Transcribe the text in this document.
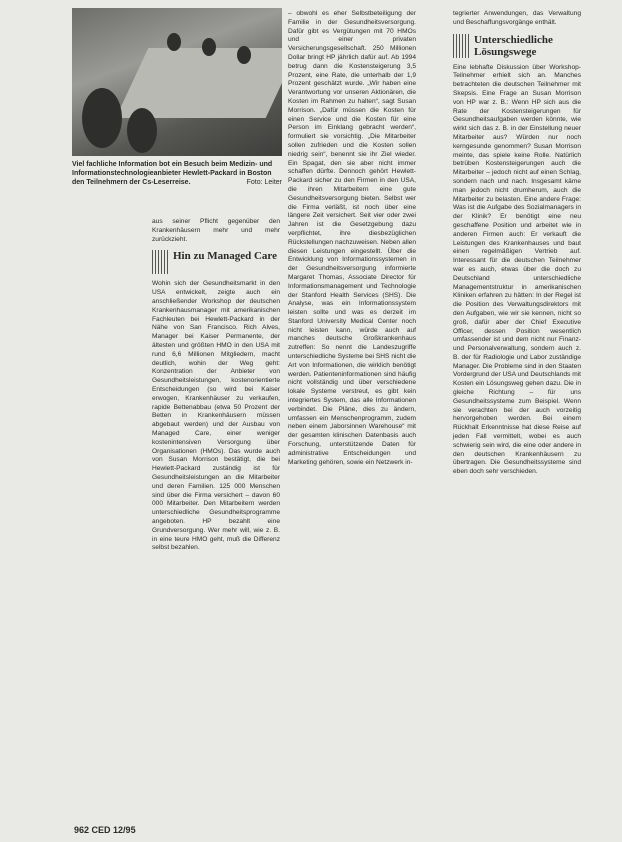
Viel fachliche Information bot ein Besuch beim Medizin- und Informationstechnologieanbieter Hewlett-Packard in Boston den Teilnehmern der Cs-Leserreise.	Foto: Leiter

aus seiner Pflicht gegenüber den Krankenhäusern mehr und mehr zurückzieht.

Hin zu Managed Care

Wohin sich der Gesundheitsmarkt in den USA entwickelt, zeigte auch ein anschließender Workshop der deutschen Krankenhausmanager mit amerikanischen Fachleuten bei Hewlett-Packard in der Nähe von San Francisco. Rich Alves, Manager bei Kaiser Permanente, der ältesten und größten HMO in den USA mit rund 6,6 Millionen Mitgliedern, macht deutlich, wohin der Weg geht: Konzentration der Anbieter von Gesundheitsleistungen, kostenorientierte Entscheidungen (so wird bei Kaiser erwogen, Krankenhäuser zu verkaufen, rapide Bettenabbau (etwa 50 Prozent der Betten in Krankenhäusern müssen abgebaut werden) und der Ausbau von Managed Care, einer weniger kostenintensiven Versorgung über Organisationen (HMOs). Das wurde auch von Susan Morrison bestätigt, die bei Hewlett-Packard zuständig ist für Gesundheitsleistungen an die Mitarbeiter und deren Familien. 125 000 Menschen sind über die Firma versichert – davon 60 000 Mitarbeiter. Den Mitarbeitern werden unterschiedliche Gesundheitsprogramme angeboten. HP bezahlt eine Grundversorgung. Wer mehr will, wie z. B. in eine teure HMO geht, muß die Differenz selbst bezahlen.

– obwohl es eher Selbstbeteiligung der Familie in der Gesundheitsversorgung. Dafür gibt es Vergütungen mit 70 HMOs und einer privaten Versicherungsgesellschaft. 250 Millionen Dollar bringt HP jährlich dafür auf. Ab 1994 betrug dann die Kostensteigerung 3,5 Prozent, eine Rate, die unterhalb der 1,9 Prozent geschätzt wurde. „Wir haben eine Verantwortung vor unseren Aktionären, die Kosten im Rahmen zu halten“, sagt Susan Morrison. „Dafür müssen die Kosten für einen Service und die Kosten für eine Person im Einklang gebracht werden“, formuliert sie vorsichtig. „Die Mitarbeiter sollen zufrieden und die Kosten sollen niedrig sein“, benennt sie ihr Ziel wieder. Ein Spagat, den sie aber nicht immer schaffen dürfte. Dennoch gehört Hewlett-Packard sicher zu den Firmen in den USA, die ihren Mitarbeitern eine gute Gesundheitsversorgung bieten. Selbst wer die Firma verläßt, ist noch über eine längere Zeit versichert. Seit vier oder zwei Jahren ist die Gesetzgebung dazu verpflichtet, ihre diesbezüglichen Rückstellungen nachzuweisen. Neben allen diesen Leistungen eingestellt. Über die Entwicklung von Informationssystemen in der Gesundheitsversorgung informierte Margaret Thomas, Associate Director für Informationsmanagement und Technologie der Stanford Health Services (SHS). Die Analyse, was ein Informationssystem leisten sollte und was es derzeit im Stanford University Medical Center noch nicht leisten kann, würde auch auf manches deutsche Großkrankenhaus zutreffen: So nennt die Landeszugriffe unterschiedliche Systeme bei SHS nicht die Art von Informationen, die wirklich benötigt werden. Patienteninformationen sind häufig nicht vollständig und über verschiedene lokale Systeme verstreut, es gibt kein integriertes System, das alle Informationen verbindet. Die Pläne, dies zu ändern, umfassen ein Menschenprogramm, zudem neben einem „laborsinnen Warehouse“ mit der gesamten klinischen Datenbasis auch Forschung, unterstützende Daten für administrative Entscheidungen und Marketing gehören, sowie ein Netzwerk in-

tegrierter Anwendungen, das Verwaltung und Beschaffungsvorgänge enthält.

Unterschiedliche Lösungswege

Eine lebhafte Diskussion über Workshop-Teilnehmer erhielt sich an. Manches betrachteten die deutschen Teilnehmer mit Skepsis. Eine Frage an Susan Morrison von HP war z. B.: Wenn HP sich aus die Rate der Kostensteigerungen für Gesundheitsaufgaben werden könnte, wie wirkt sich das z. B. in der Einstellung neuer Mitarbeiter aus? Würden nur noch kerngesunde genommen? Susan Morrison meinte, das spiele keine Rolle. Natürlich betrüben Kostensteigerungen auch die Mitarbeiter – jedoch nicht auf einen Schlag, sondern nach und nach. Insgesamt käme man jedoch nicht drumherum, auch die Mitarbeiter zu belasten. Eine andere Frage: Was ist die Aufgabe des Sozialmanagers in der Klinik? Er benötigt eine neu geschaffene Position und arbeitet wie in anderen Firmen auch: Er verkauft die Leistungen des Krankenhauses und baut einen regelmäßigen Vertrieb auf. Interessant für die deutschen Teilnehmer war es auch, etwas über die doch zu Deutschland unterschiedliche Managementstruktur in amerikanischen Kliniken erfahren zu hätten: In der Regel ist die Position des Verwaltungsdirektors mit den Aufgaben, wie wir sie kennen, nicht so groß, dafür aber der Chief Executive Officer, dessen Position wesentlich umfassender ist und dem nicht nur Finanz- und Personalverwaltung, sondern auch z. B. der für Radiologie und Labor zuständige Manager. Die Probleme sind in den Staaten Vordergrund der USA und Deutschlands mit Kosten ein Lösungsweg gehen dazu. Die in gleiche Richtung – für uns Gesundheitssysteme zum Beispiel. Wenn sie verachten bei der auch vorzeitig hervorgehoben werden. Bei einem Rückhalt Erkenntnisse hat diese Reise auf jeden Fall vermittelt, wobei es auch schwierig sein wird, die eine oder andere in den deutschen Krankenhäusern zu übertragen. Die Gesundheitssysteme sind eben doch sehr verschieden.

962 CED 12/95
